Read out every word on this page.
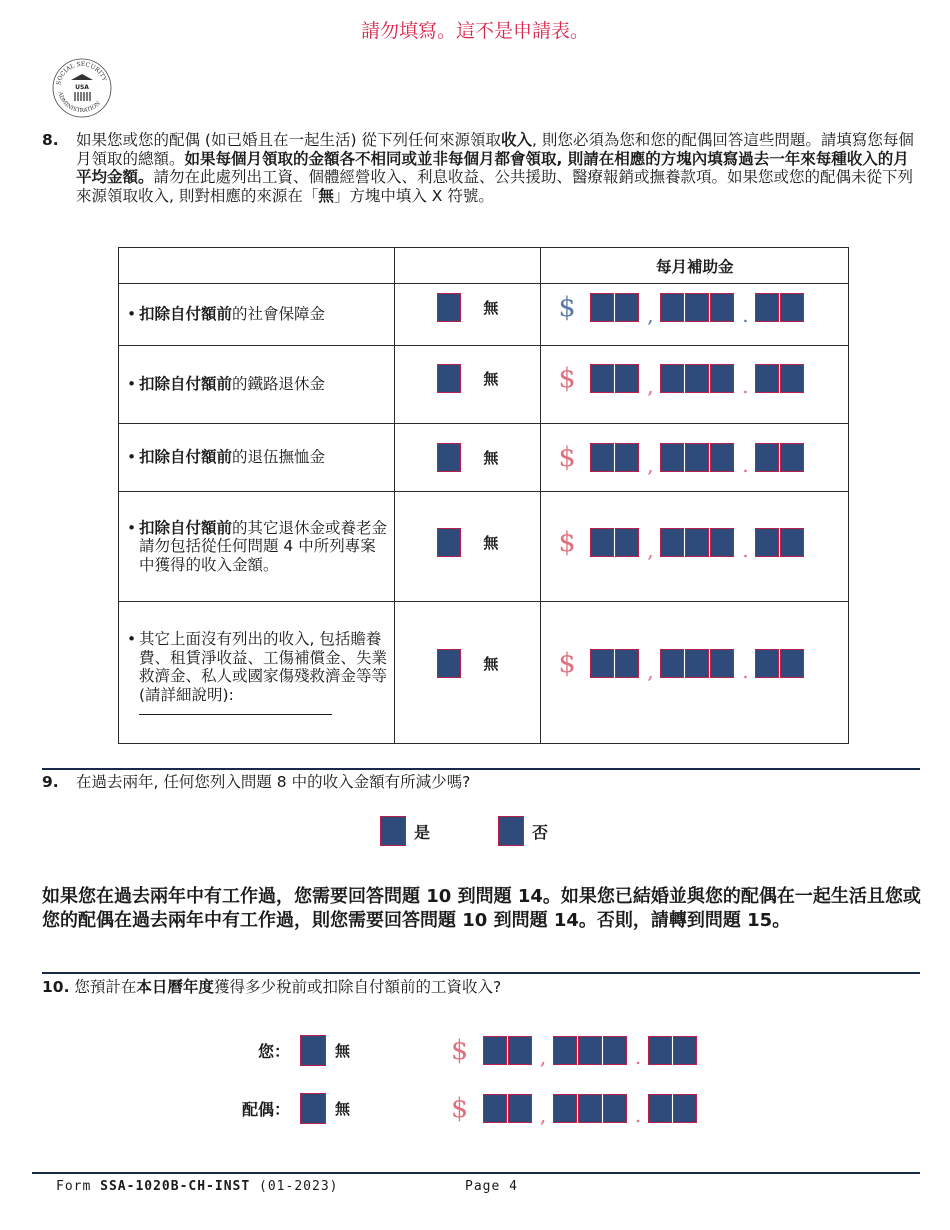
請勿填寫。這不是申請表。
SOCIAL SECURITY
ADMINISTRATION
USA
8.	如果您或您的配偶 (如已婚且在一起生活) 從下列任何來源領取收入, 則您必須為您和您的配偶回答這些問題。請填寫您每個月領取的總額。如果每個月領取的金額各不相同或並非每個月都會領取, 則請在相應的方塊內填寫過去一年來每種收入的月平均金額。請勿在此處列出工資、個體經營收入、利息收益、公共援助、醫療報銷或撫養款項。如果您或您的配偶未從下列來源領取收入, 則對相應的來源在「無」方塊中填入 X 符號。
		每月補助金

• 扣除自付額前的社會保障金	無	$ , .

• 扣除自付額前的鐵路退休金	無	$ , .

• 扣除自付額前的退伍撫恤金	無	$ , .

• 扣除自付額前的其它退休金或養老金請勿包括從任何問題 4 中所列專案中獲得的收入金額。	無	$ , .

• 其它上面沒有列出的收入, 包括贍養費、租賃淨收益、工傷補償金、失業救濟金、私人或國家傷殘救濟金等等 (請詳細說明):	無	$ , .
9.	在過去兩年, 任何您列入問題 8 中的收入金額有所減少嗎?
是	否
如果您在過去兩年中有工作過，您需要回答問題 10 到問題 14。如果您已結婚並與您的配偶在一起生活且您或您的配偶在過去兩年中有工作過，則您需要回答問題 10 到問題 14。否則，請轉到問題 15。
10. 您預計在本日曆年度獲得多少稅前或扣除自付額前的工資收入?
您：	無	$	,	.
配偶：	無	$	,	.
Form SSA-1020B-CH-INST (01-2023)	Page 4
